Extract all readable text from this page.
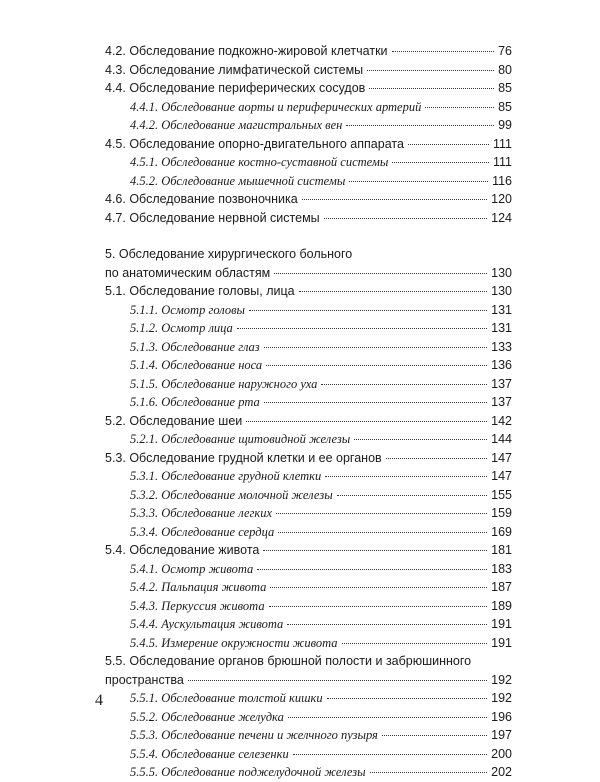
4.2. Обследование подкожно-жировой клетчатки	76
4.3. Обследование лимфатической системы	80
4.4. Обследование периферических сосудов	85
4.4.1. Обследование аорты и периферических артерий	85
4.4.2. Обследование магистральных вен	99
4.5. Обследование опорно-двигательного аппарата	111
4.5.1. Обследование костно-суставной системы	111
4.5.2. Обследование мышечной системы	116
4.6. Обследование позвоночника	120
4.7. Обследование нервной системы	124
5. Обследование хирургического больного
по анатомическим областям	130
5.1. Обследование головы, лица	130
5.1.1. Осмотр головы	131
5.1.2. Осмотр лица	131
5.1.3. Обследование глаз	133
5.1.4. Обследование носа	136
5.1.5. Обследование наружного уха	137
5.1.6. Обследование рта	137
5.2. Обследование шеи	142
5.2.1. Обследование щитовидной железы	144
5.3. Обследование грудной клетки и ее органов	147
5.3.1. Обследование грудной клетки	147
5.3.2. Обследование молочной железы	155
5.3.3. Обследование легких	159
5.3.4. Обследование сердца	169
5.4. Обследование живота	181
5.4.1. Осмотр живота	183
5.4.2. Пальпация живота	187
5.4.3. Перкуссия живота	189
5.4.4. Аускультация живота	191
5.4.5. Измерение окружности живота	191
5.5. Обследование органов брюшной полости и забрюшинного
пространства	192
5.5.1. Обследование толстой кишки	192
5.5.2. Обследование желудка	196
5.5.3. Обследование печени и желчного пузыря	197
5.5.4. Обследование селезенки	200
5.5.5. Обследование поджелудочной железы	202
4
